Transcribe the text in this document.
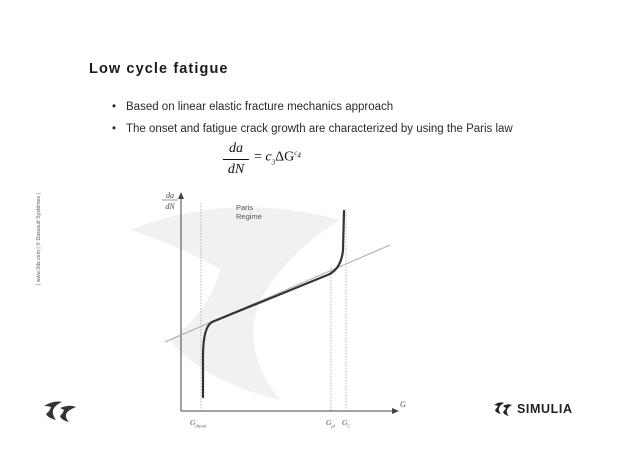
| www.3ds.com | © Dassault Systèmes |
Low cycle fatigue
• Based on linear elastic fracture mechanics approach
• The onset and fatigue crack growth are characterized by using the Paris law
da
dN
= $c_3\Delta G^{c_4}$
da
dN
G
Paris
Regime
$G_{thresh}$	$G_{pl}$ $G_C$
SIMULIA
